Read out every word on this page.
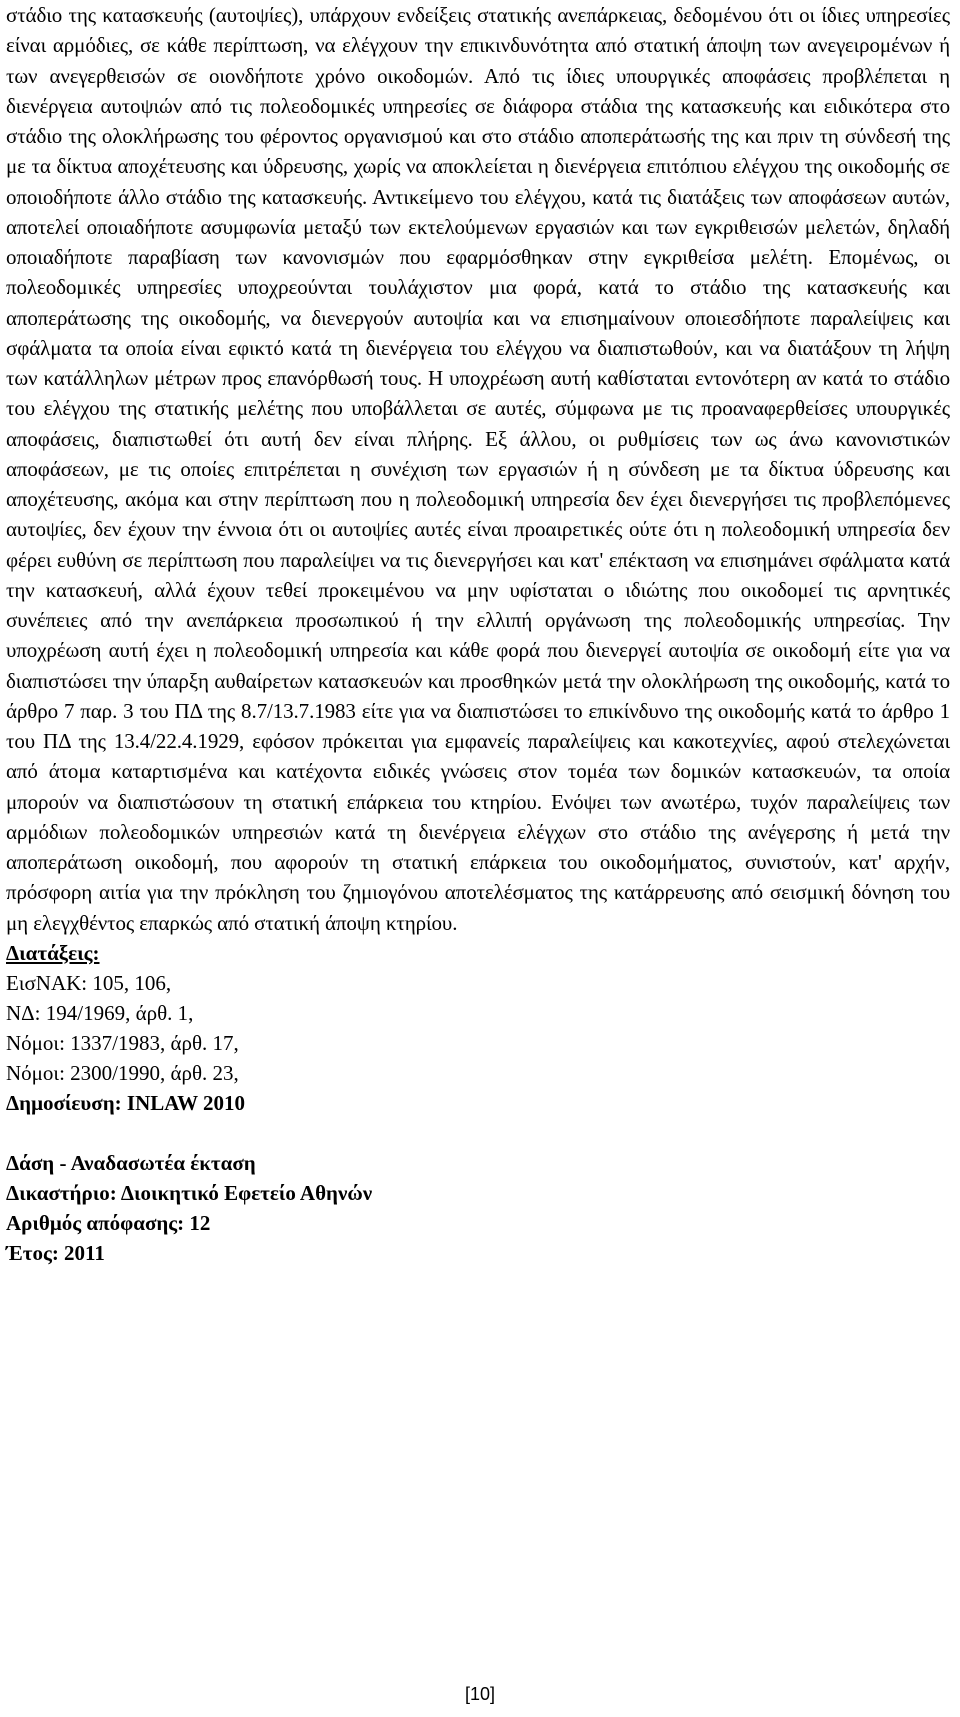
στάδιο της κατασκευής (αυτοψίες), υπάρχουν ενδείξεις στατικής ανεπάρκειας, δεδομένου ότι οι ίδιες υπηρεσίες είναι αρμόδιες, σε κάθε περίπτωση, να ελέγχουν την επικινδυνότητα από στατική άποψη των ανεγειρομένων ή των ανεγερθεισών σε οιονδήποτε χρόνο οικοδομών. Από τις ίδιες υπουργικές αποφάσεις προβλέπεται η διενέργεια αυτοψιών από τις πολεοδομικές υπηρεσίες σε διάφορα στάδια της κατασκευής και ειδικότερα στο στάδιο της ολοκλήρωσης του φέροντος οργανισμού και στο στάδιο αποπεράτωσής της και πριν τη σύνδεσή της με τα δίκτυα αποχέτευσης και ύδρευσης, χωρίς να αποκλείεται η διενέργεια επιτόπιου ελέγχου της οικοδομής σε οποιοδήποτε άλλο στάδιο της κατασκευής. Αντικείμενο του ελέγχου, κατά τις διατάξεις των αποφάσεων αυτών, αποτελεί οποιαδήποτε ασυμφωνία μεταξύ των εκτελούμενων εργασιών και των εγκριθεισών μελετών, δηλαδή οποιαδήποτε παραβίαση των κανονισμών που εφαρμόσθηκαν στην εγκριθείσα μελέτη. Επομένως, οι πολεοδομικές υπηρεσίες υποχρεούνται τουλάχιστον μια φορά, κατά το στάδιο της κατασκευής και αποπεράτωσης της οικοδομής, να διενεργούν αυτοψία και να επισημαίνουν οποιεσδήποτε παραλείψεις και σφάλματα τα οποία είναι εφικτό κατά τη διενέργεια του ελέγχου να διαπιστωθούν, και να διατάξουν τη λήψη των κατάλληλων μέτρων προς επανόρθωσή τους. Η υποχρέωση αυτή καθίσταται εντονότερη αν κατά το στάδιο του ελέγχου της στατικής μελέτης που υποβάλλεται σε αυτές, σύμφωνα με τις προαναφερθείσες υπουργικές αποφάσεις, διαπιστωθεί ότι αυτή δεν είναι πλήρης. Εξ άλλου, οι ρυθμίσεις των ως άνω κανονιστικών αποφάσεων, με τις οποίες επιτρέπεται η συνέχιση των εργασιών ή η σύνδεση με τα δίκτυα ύδρευσης και αποχέτευσης, ακόμα και στην περίπτωση που η πολεοδομική υπηρεσία δεν έχει διενεργήσει τις προβλεπόμενες αυτοψίες, δεν έχουν την έννοια ότι οι αυτοψίες αυτές είναι προαιρετικές ούτε ότι η πολεοδομική υπηρεσία δεν φέρει ευθύνη σε περίπτωση που παραλείψει να τις διενεργήσει και κατ' επέκταση να επισημάνει σφάλματα κατά την κατασκευή, αλλά έχουν τεθεί προκειμένου να μην υφίσταται ο ιδιώτης που οικοδομεί τις αρνητικές συνέπειες από την ανεπάρκεια προσωπικού ή την ελλιπή οργάνωση της πολεοδομικής υπηρεσίας. Την υποχρέωση αυτή έχει η πολεοδομική υπηρεσία και κάθε φορά που διενεργεί αυτοψία σε οικοδομή είτε για να διαπιστώσει την ύπαρξη αυθαίρετων κατασκευών και προσθηκών μετά την ολοκλήρωση της οικοδομής, κατά το άρθρο 7 παρ. 3 του ΠΔ της 8.7/13.7.1983 είτε για να διαπιστώσει το επικίνδυνο της οικοδομής κατά το άρθρο 1 του ΠΔ της 13.4/22.4.1929, εφόσον πρόκειται για εμφανείς παραλείψεις και κακοτεχνίες, αφού στελεχώνεται από άτομα καταρτισμένα και κατέχοντα ειδικές γνώσεις στον τομέα των δομικών κατασκευών, τα οποία μπορούν να διαπιστώσουν τη στατική επάρκεια του κτηρίου. Ενόψει των ανωτέρω, τυχόν παραλείψεις των αρμόδιων πολεοδομικών υπηρεσιών κατά τη διενέργεια ελέγχων στο στάδιο της ανέγερσης ή μετά την αποπεράτωση οικοδομή, που αφορούν τη στατική επάρκεια του οικοδομήματος, συνιστούν, κατ' αρχήν, πρόσφορη αιτία για την πρόκληση του ζημιογόνου αποτελέσματος της κατάρρευσης από σεισμική δόνηση του μη ελεγχθέντος επαρκώς από στατική άποψη κτηρίου.

Διατάξεις:
ΕισΝΑΚ: 105, 106,
ΝΔ: 194/1969, άρθ. 1,
Νόμοι: 1337/1983, άρθ. 17,
Νόμοι: 2300/1990, άρθ. 23,
Δημοσίευση: INLAW 2010
Δάση - Αναδασωτέα έκταση
Δικαστήριο: Διοικητικό Εφετείο Αθηνών
Αριθμός απόφασης: 12
Έτος: 2011
[10]
